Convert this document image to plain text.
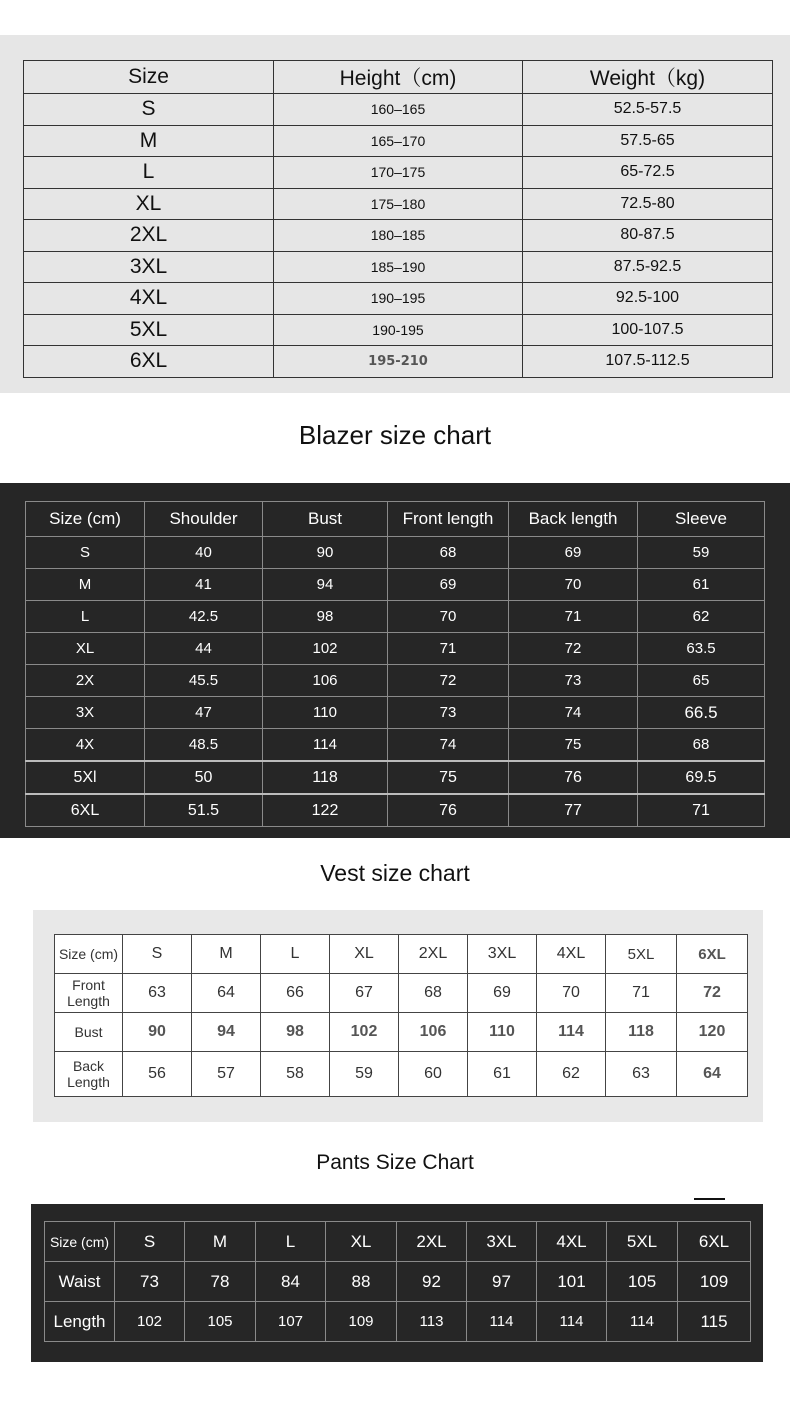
Size	Height（cm)	Weight（kg)
S	160–165	52.5-57.5
M	165–170	57.5-65
L	170–175	65-72.5
XL	175–180	72.5-80
2XL	180–185	80-87.5
3XL	185–190	87.5-92.5
4XL	190–195	92.5-100
5XL	190-195	100-107.5
6XL	195-210	107.5-112.5
Blazer size chart
Size (cm)	Shoulder	Bust	Front length	Back length	Sleeve
S	40	90	68	69	59
M	41	94	69	70	61
L	42.5	98	70	71	62
XL	44	102	71	72	63.5
2X	45.5	106	72	73	65
3X	47	110	73	74	66.5
4X	48.5	114	74	75	68
5Xl	50	118	75	76	69.5
6XL	51.5	122	76	77	71
Vest size chart
Size (cm)	S	M	L	XL	2XL	3XL	4XL	5XL	6XL
Front Length	63	64	66	67	68	69	70	71	72
Bust	90	94	98	102	106	110	114	118	120
Back Length	56	57	58	59	60	61	62	63	64
Pants Size Chart
Size (cm)	S	M	L	XL	2XL	3XL	4XL	5XL	6XL
Waist	73	78	84	88	92	97	101	105	109
Length	102	105	107	109	113	114	114	114	115
